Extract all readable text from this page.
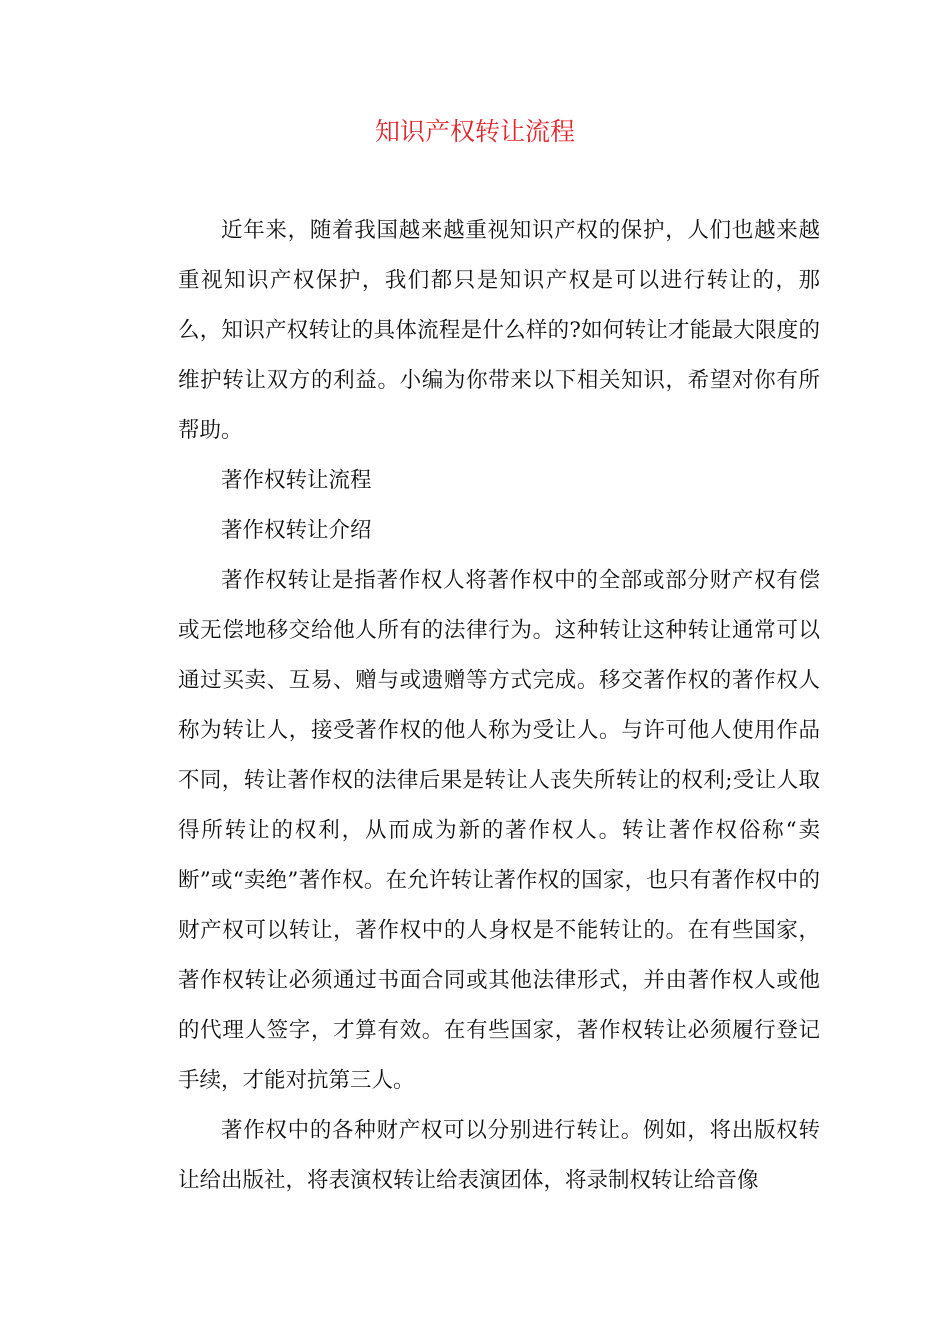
知识产权转让流程

近年来，随着我国越来越重视知识产权的保护，人们也越来越重视知识产权保护，我们都只是知识产权是可以进行转让的，那么，知识产权转让的具体流程是什么样的?如何转让才能最大限度的维护转让双方的利益。小编为你带来以下相关知识，希望对你有所帮助。

著作权转让流程

著作权转让介绍

著作权转让是指著作权人将著作权中的全部或部分财产权有偿或无偿地移交给他人所有的法律行为。这种转让这种转让通常可以通过买卖、互易、赠与或遗赠等方式完成。移交著作权的著作权人称为转让人，接受著作权的他人称为受让人。与许可他人使用作品不同，转让著作权的法律后果是转让人丧失所转让的权利;受让人取得所转让的权利，从而成为新的著作权人。转让著作权俗称“卖断”或“卖绝”著作权。在允许转让著作权的国家，也只有著作权中的财产权可以转让，著作权中的人身权是不能转让的。在有些国家，著作权转让必须通过书面合同或其他法律形式，并由著作权人或他的代理人签字，才算有效。在有些国家，著作权转让必须履行登记手续，才能对抗第三人。

著作权中的各种财产权可以分别进行转让。例如，将出版权转让给出版社，将表演权转让给表演团体，将录制权转让给音像
